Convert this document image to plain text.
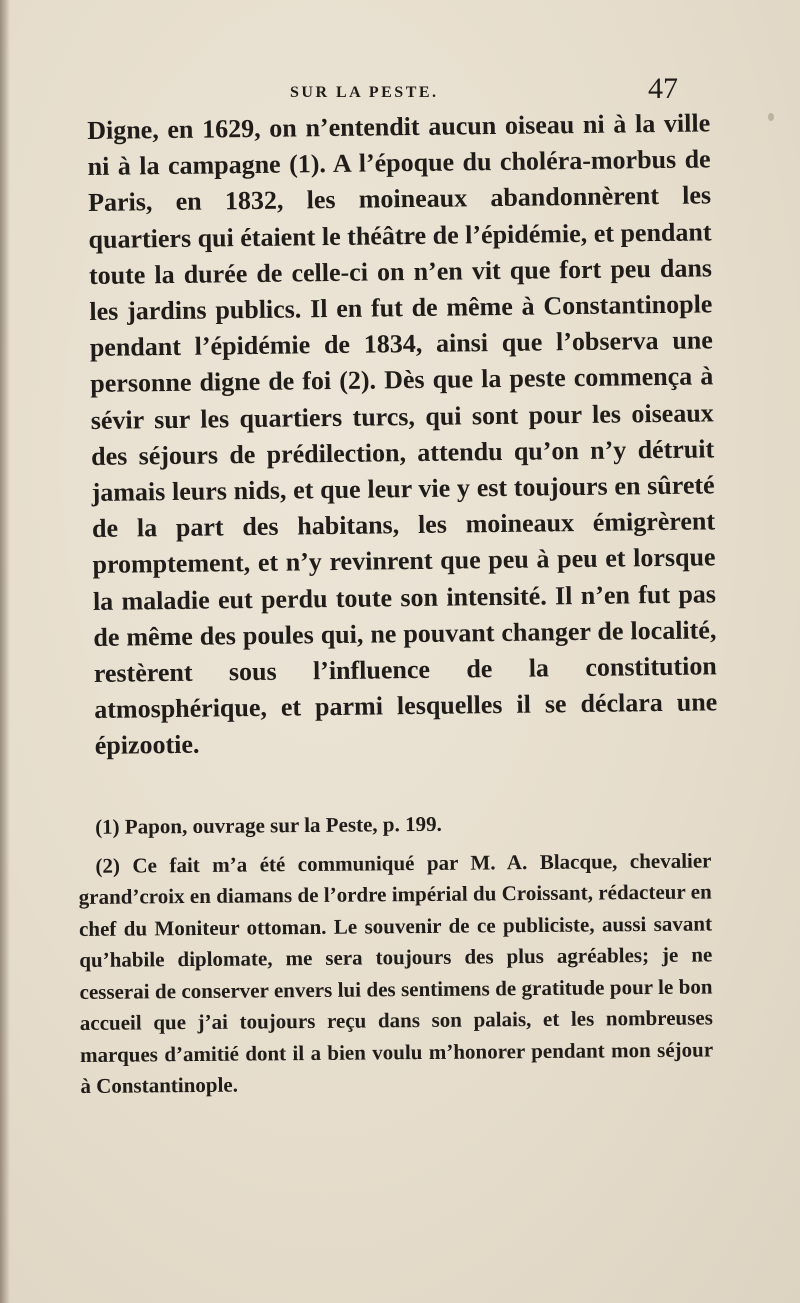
SUR LA PESTE.	47

Digne, en 1629, on n’entendit aucun oiseau ni à la ville ni à la campagne (1). A l’époque du choléra-morbus de Paris, en 1832, les moineaux abandonnèrent les quartiers qui étaient le théâtre de l’épidémie, et pendant toute la durée de celle-ci on n’en vit que fort peu dans les jardins publics. Il en fut de même à Constantinople pendant l’épidémie de 1834, ainsi que l’observa une personne digne de foi (2). Dès que la peste commença à sévir sur les quartiers turcs, qui sont pour les oiseaux des séjours de prédilection, attendu qu’on n’y détruit jamais leurs nids, et que leur vie y est toujours en sûreté de la part des habitans, les moineaux émigrèrent promptement, et n’y revinrent que peu à peu et lorsque la maladie eut perdu toute son intensité. Il n’en fut pas de même des poules qui, ne pouvant changer de localité, restèrent sous l’influence de la constitution atmosphérique, et parmi lesquelles il se déclara une épizootie.

(1) Papon, ouvrage sur la Peste, p. 199.

(2) Ce fait m’a été communiqué par M. A. Blacque, chevalier grand’croix en diamans de l’ordre impérial du Croissant, rédacteur en chef du Moniteur ottoman. Le souvenir de ce publiciste, aussi savant qu’habile diplomate, me sera toujours des plus agréables; je ne cesserai de conserver envers lui des sentimens de gratitude pour le bon accueil que j’ai toujours reçu dans son palais, et les nombreuses marques d’amitié dont il a bien voulu m’honorer pendant mon séjour à Constantinople.
